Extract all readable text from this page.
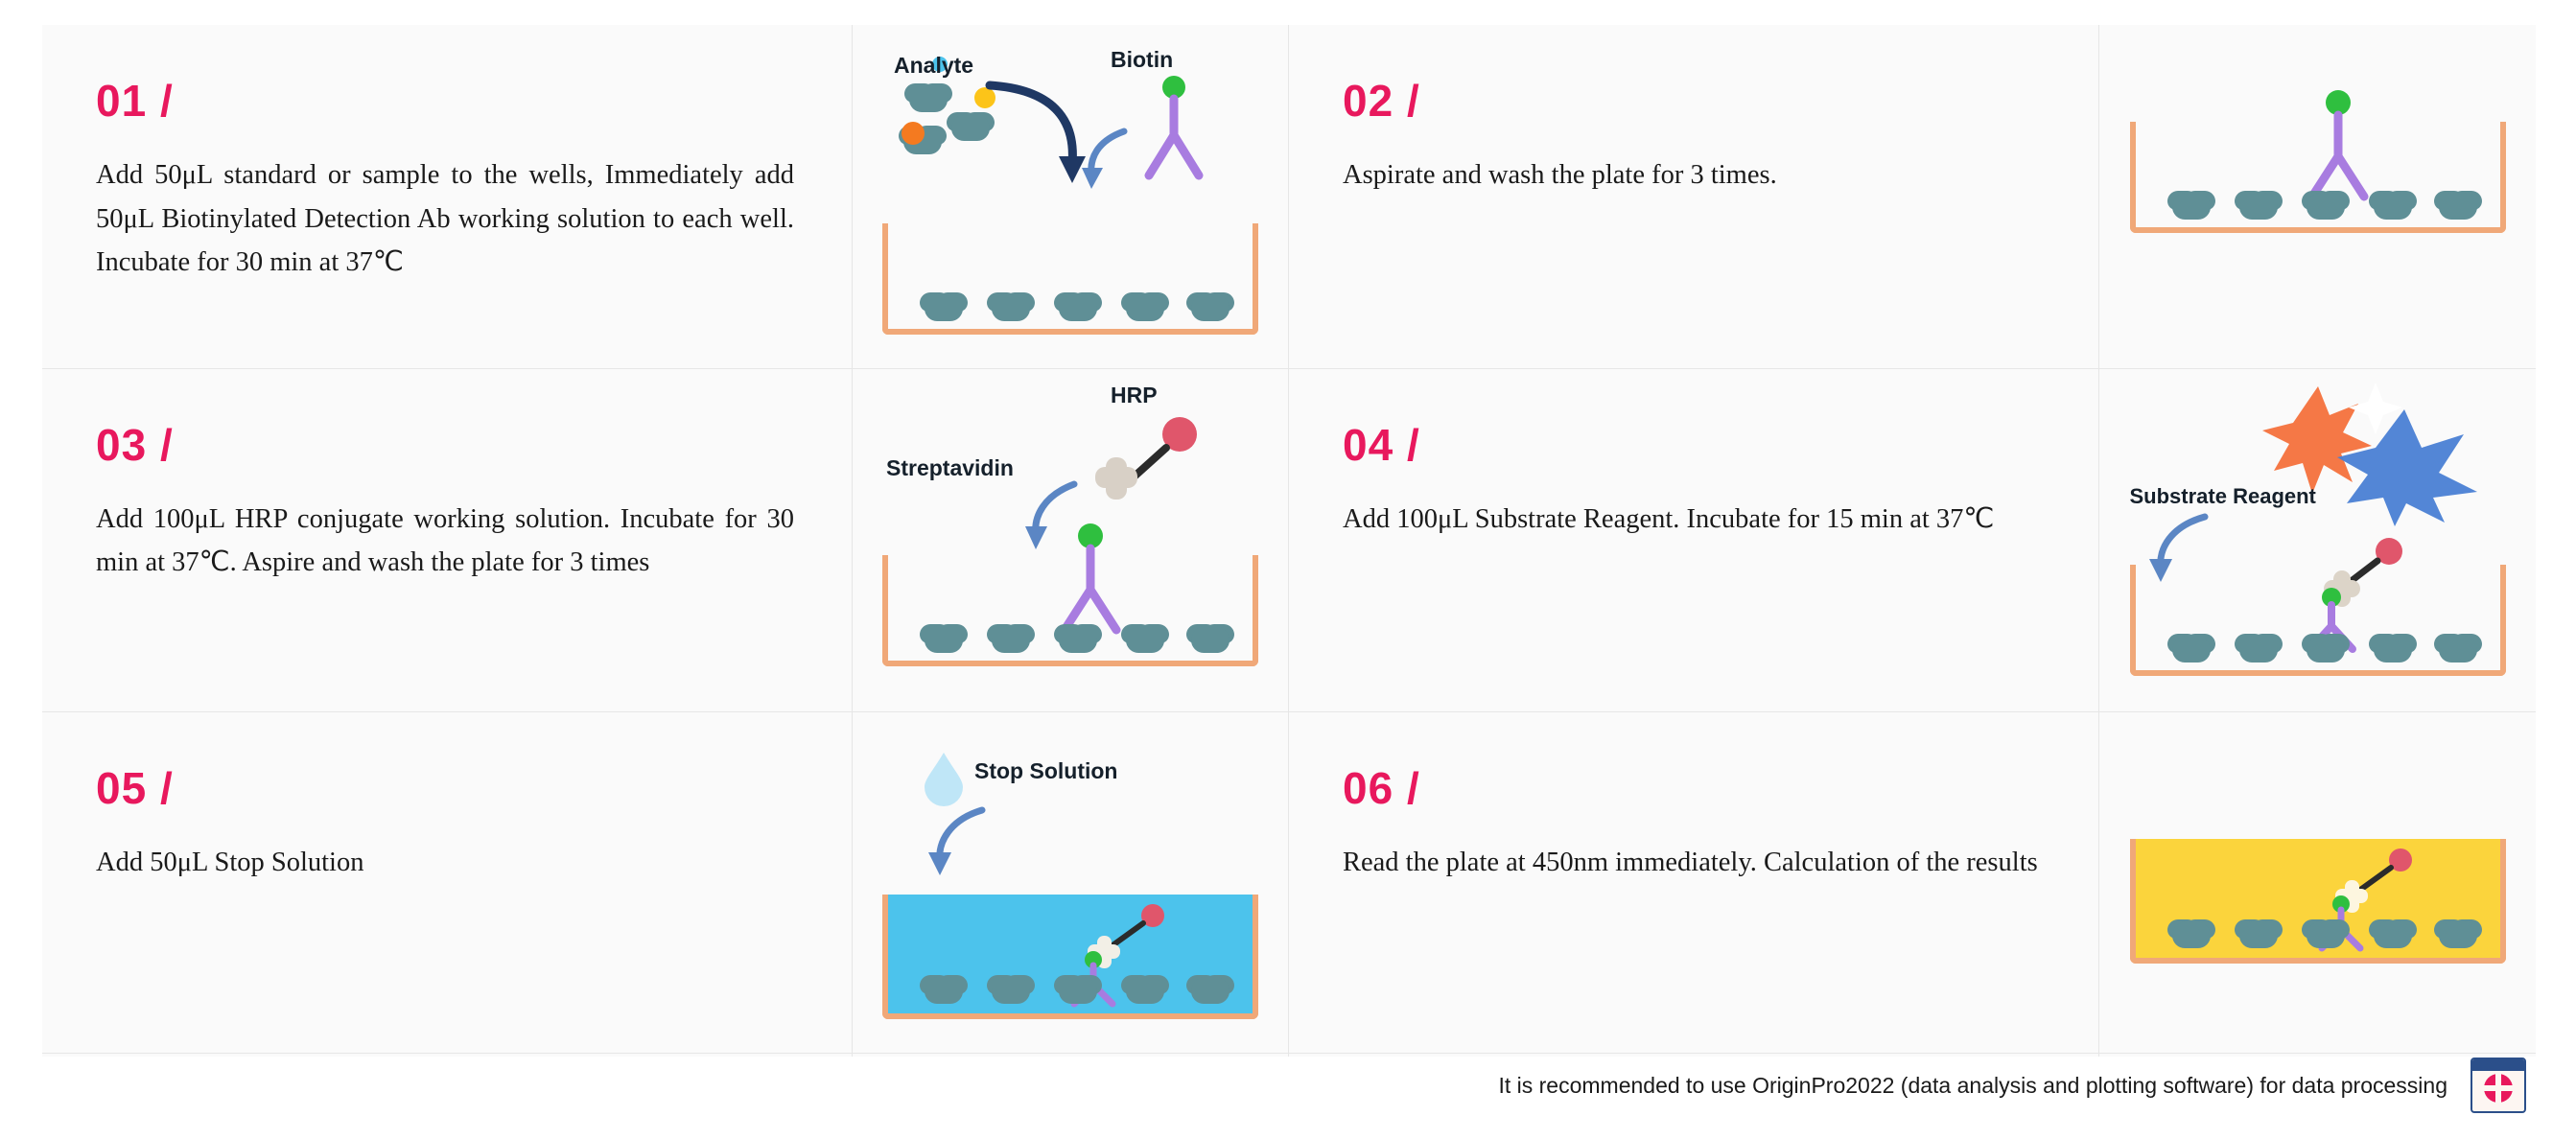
01 /
Add 50μL standard or sample to the wells, Immediately add 50μL Biotinylated Detection Ab working solution to each well. Incubate for 30 min at 37℃
Analyte	Biotin
02 /
Aspirate and wash the plate for 3 times.
03 /
Add 100μL HRP conjugate working solution. Incubate for 30 min at 37℃. Aspire and wash the plate for 3 times
HRP
Streptavidin	04 /
Add 100μL Substrate Reagent. Incubate for 15 min at 37℃
Substrate Reagent
05 /
Add 50μL Stop Solution
Stop Solution	06 /
Read the plate at 450nm immediately. Calculation of the results
It is recommended to use OriginPro2022 (data analysis and plotting software) for data processing
